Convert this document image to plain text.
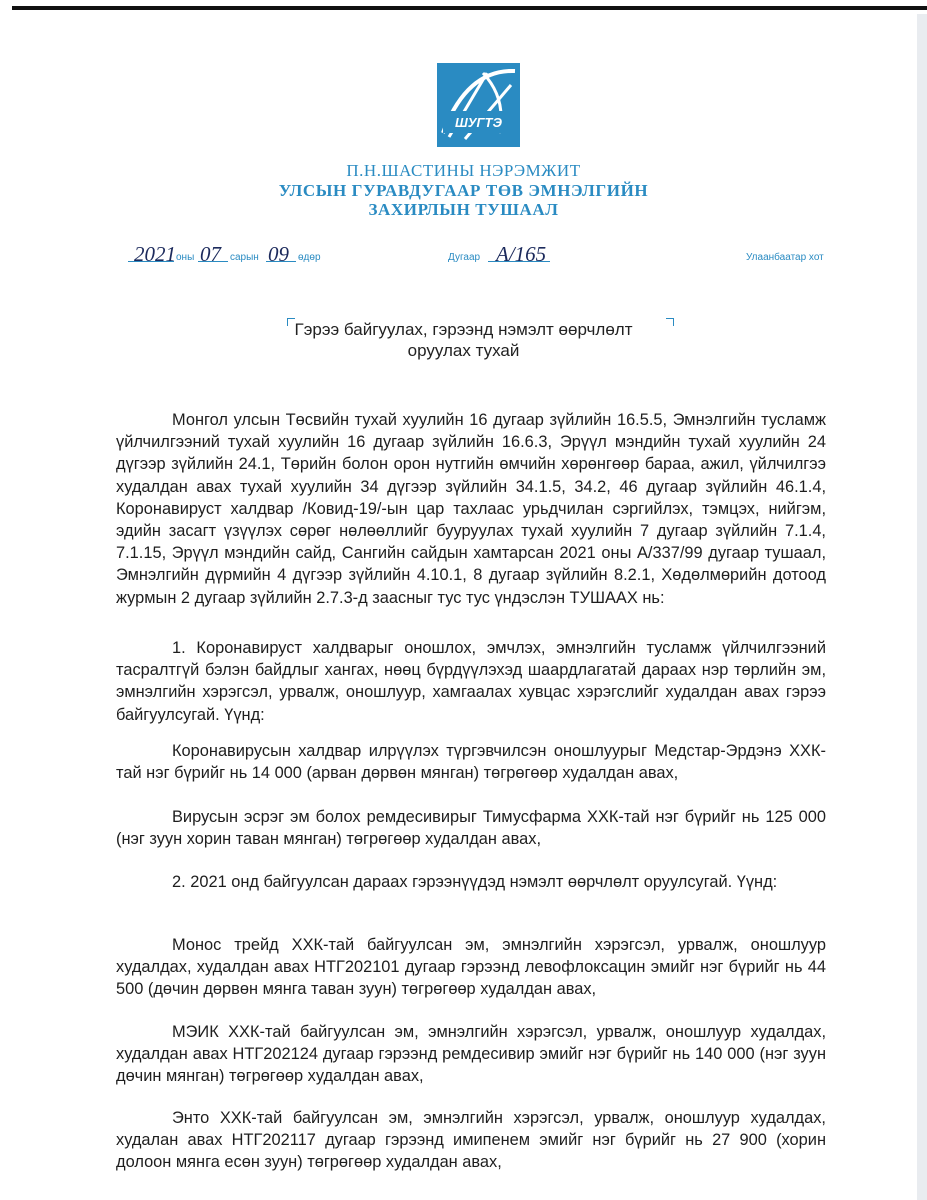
ШУГТЭ
П.Н.ШАСТИНЫ НЭРЭМЖИТ
УЛСЫН ГУРАВДУГААР ТӨВ ЭМНЭЛГИЙН
ЗАХИРЛЫН ТУШААЛ
2021 оны 07 сарын 09 өдөр	Дугаар A/165	Улаанбаатар хот
Гэрээ байгуулах, гэрээнд нэмэлт өөрчлөлт
оруулах тухай
Монгол улсын Төсвийн тухай хуулийн 16 дугаар зүйлийн 16.5.5, Эмнэлгийн тусламж үйлчилгээний тухай хуулийн 16 дугаар зүйлийн 16.6.3, Эрүүл мэндийн тухай хуулийн 24 дүгээр зүйлийн 24.1, Төрийн болон орон нутгийн өмчийн хөрөнгөөр бараа, ажил, үйлчилгээ худалдан авах тухай хуулийн 34 дүгээр зүйлийн 34.1.5, 34.2, 46 дугаар зүйлийн 46.1.4, Коронавируст халдвар /Ковид-19/-ын цар тахлаас урьдчилан сэргийлэх, тэмцэх, нийгэм, эдийн засагт үзүүлэх сөрөг нөлөөллийг бууруулах тухай хуулийн 7 дугаар зүйлийн 7.1.4, 7.1.15, Эрүүл мэндийн сайд, Сангийн сайдын хамтарсан 2021 оны A/337/99 дугаар тушаал, Эмнэлгийн дүрмийн 4 дүгээр зүйлийн 4.10.1, 8 дугаар зүйлийн 8.2.1, Хөдөлмөрийн дотоод журмын 2 дугаар зүйлийн 2.7.3-д заасныг тус тус үндэслэн ТУШААХ нь:
1. Коронавируст халдварыг оношлох, эмчлэх, эмнэлгийн тусламж үйлчилгээний тасралтгүй бэлэн байдлыг хангах, нөөц бүрдүүлэхэд шаардлагатай дараах нэр төрлийн эм, эмнэлгийн хэрэгсэл, урвалж, оношлуур, хамгаалах хувцас хэрэгслийг худалдан авах гэрээ байгуулсугай. Үүнд:
Коронавирусын халдвар илрүүлэх түргэвчилсэн оношлуурыг Медстар-Эрдэнэ ХХК-тай нэг бүрийг нь 14 000 (арван дөрвөн мянган) төгрөгөөр худалдан авах,
Вирусын эсрэг эм болох ремдесивирыг Тимусфарма ХХК-тай нэг бүрийг нь 125 000 (нэг зуун хорин таван мянган) төгрөгөөр худалдан авах,
2. 2021 онд байгуулсан дараах гэрээнүүдэд нэмэлт өөрчлөлт оруулсугай. Үүнд:
Монос трейд ХХК-тай байгуулсан эм, эмнэлгийн хэрэгсэл, урвалж, оношлуур худалдах, худалдан авах НТГ202101 дугаар гэрээнд левофлоксацин эмийг нэг бүрийг нь 44 500 (дөчин дөрвөн мянга таван зуун) төгрөгөөр худалдан авах,
МЭИК ХХК-тай байгуулсан эм, эмнэлгийн хэрэгсэл, урвалж, оношлуур худалдах, худалдан авах НТГ202124 дугаар гэрээнд ремдесивир эмийг нэг бүрийг нь 140 000 (нэг зуун дөчин мянган) төгрөгөөр худалдан авах,
Энто ХХК-тай байгуулсан эм, эмнэлгийн хэрэгсэл, урвалж, оношлуур худалдах, худалан авах НТГ202117 дугаар гэрээнд имипенем эмийг нэг бүрийг нь 27 900 (хорин долоон мянга есөн зуун) төгрөгөөр худалдан авах,
